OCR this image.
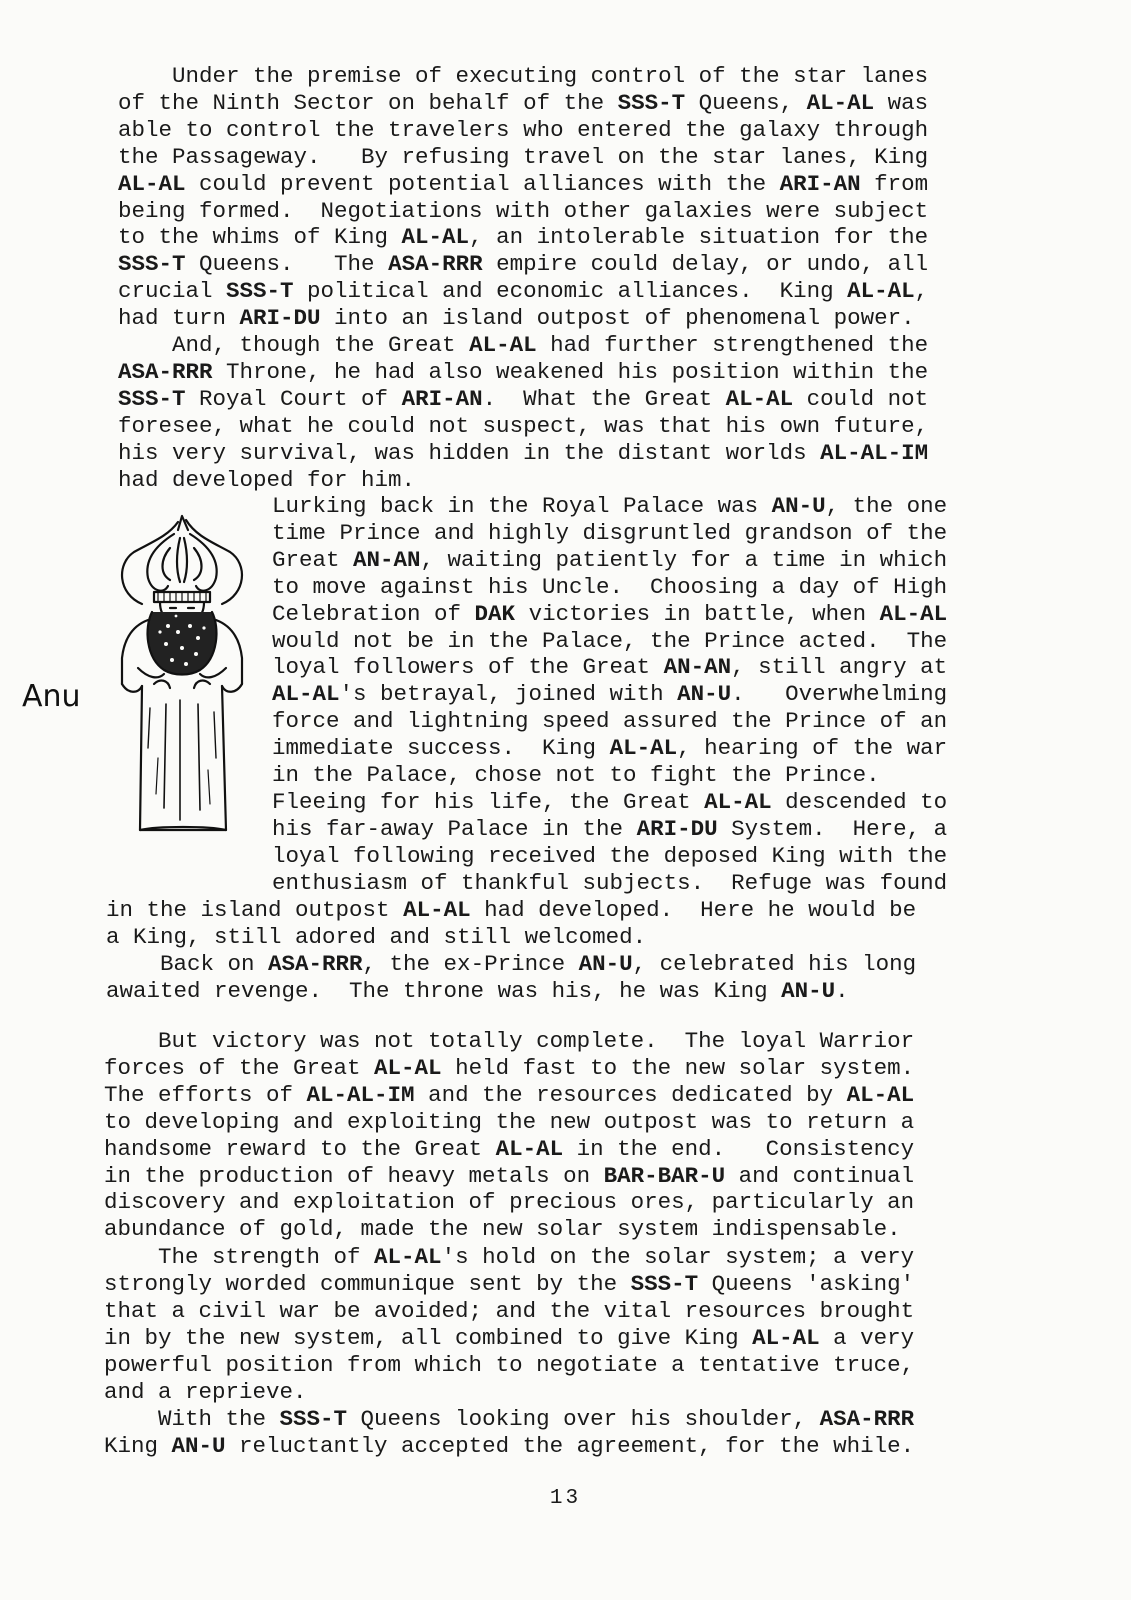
Under the premise of executing control of the star lanes
of the Ninth Sector on behalf of the SSS-T Queens, AL-AL was
able to control the travelers who entered the galaxy through
the Passageway.   By refusing travel on the star lanes, King
AL-AL could prevent potential alliances with the ARI-AN from
being formed.  Negotiations with other galaxies were subject
to the whims of King AL-AL, an intolerable situation for the
SSS-T Queens.   The ASA-RRR empire could delay, or undo, all
crucial SSS-T political and economic alliances.  King AL-AL,
had turn ARI-DU into an island outpost of phenomenal power.
And, though the Great AL-AL had further strengthened the
ASA-RRR Throne, he had also weakened his position within the
SSS-T Royal Court of ARI-AN.  What the Great AL-AL could not
foresee, what he could not suspect, was that his own future,
his very survival, was hidden in the distant worlds AL-AL-IM
had developed for him.
Lurking back in the Royal Palace was AN-U, the one
time Prince and highly disgruntled grandson of the
Great AN-AN, waiting patiently for a time in which
to move against his Uncle.  Choosing a day of High
Celebration of DAK victories in battle, when AL-AL
would not be in the Palace, the Prince acted.  The
loyal followers of the Great AN-AN, still angry at
AL-AL's betrayal, joined with AN-U.   Overwhelming
force and lightning speed assured the Prince of an
immediate success.  King AL-AL, hearing of the war
in the Palace, chose not to fight the Prince.
Fleeing for his life, the Great AL-AL descended to
his far-away Palace in the ARI-DU System.  Here, a
loyal following received the deposed King with the
enthusiasm of thankful subjects.  Refuge was found
in the island outpost AL-AL had developed.  Here he would be
a King, still adored and still welcomed.
Back on ASA-RRR, the ex-Prince AN-U, celebrated his long
awaited revenge.  The throne was his, he was King AN-U.
But victory was not totally complete.  The loyal Warrior
forces of the Great AL-AL held fast to the new solar system.
The efforts of AL-AL-IM and the resources dedicated by AL-AL
to developing and exploiting the new outpost was to return a
handsome reward to the Great AL-AL in the end.   Consistency
in the production of heavy metals on BAR-BAR-U and continual
discovery and exploitation of precious ores, particularly an
abundance of gold, made the new solar system indispensable.
The strength of AL-AL's hold on the solar system; a very
strongly worded communique sent by the SSS-T Queens 'asking'
that a civil war be avoided; and the vital resources brought
in by the new system, all combined to give King AL-AL a very
powerful position from which to negotiate a tentative truce,
and a reprieve.
With the SSS-T Queens looking over his shoulder, ASA-RRR
King AN-U reluctantly accepted the agreement, for the while.
Anu
13
